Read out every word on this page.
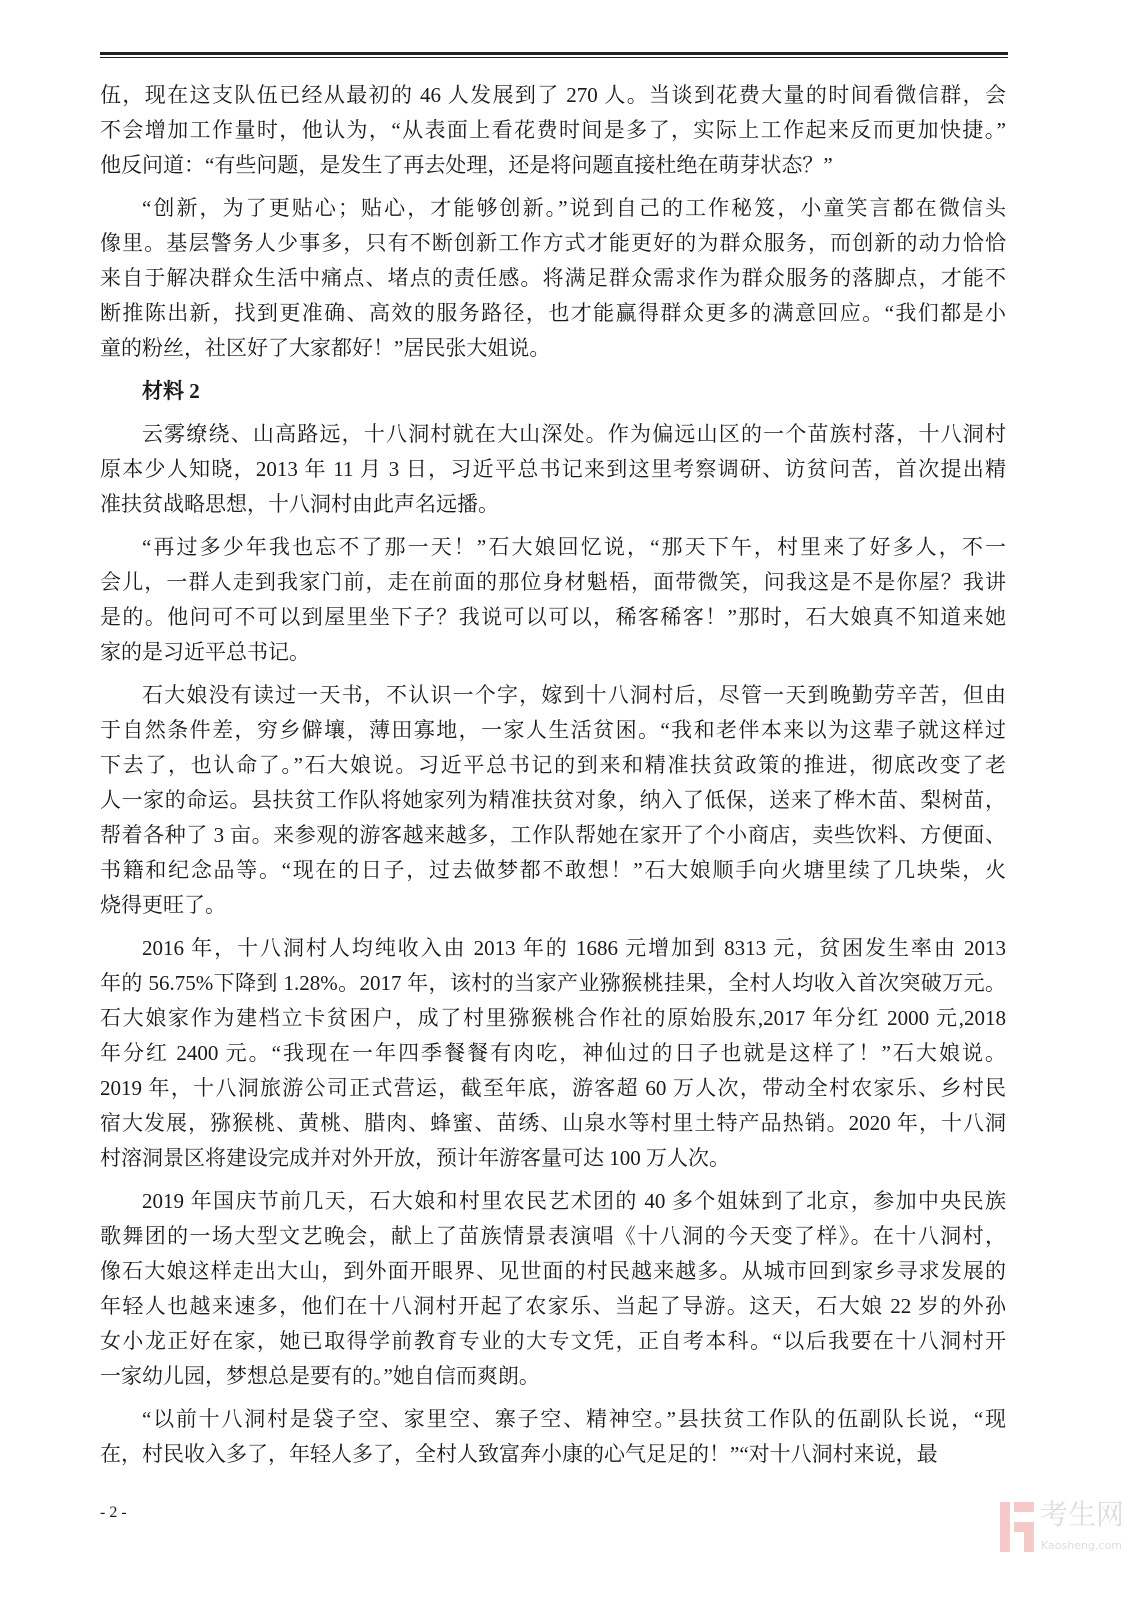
伍，现在这支队伍已经从最初的 46 人发展到了 270 人。当谈到花费大量的时间看微信群，会
不会增加工作量时，他认为，“从表面上看花费时间是多了，实际上工作起来反而更加快捷。”
他反问道：“有些问题，是发生了再去处理，还是将问题直接杜绝在萌芽状态？”
“创新，为了更贴心；贴心，才能够创新。”说到自己的工作秘笈，小童笑言都在微信头
像里。基层警务人少事多，只有不断创新工作方式才能更好的为群众服务，而创新的动力恰恰
来自于解决群众生活中痛点、堵点的责任感。将满足群众需求作为群众服务的落脚点，才能不
断推陈出新，找到更准确、高效的服务路径，也才能赢得群众更多的满意回应。“我们都是小
童的粉丝，社区好了大家都好！”居民张大姐说。
材料 2
云雾缭绕、山高路远，十八洞村就在大山深处。作为偏远山区的一个苗族村落，十八洞村
原本少人知晓，2013 年 11 月 3 日，习近平总书记来到这里考察调研、访贫问苦，首次提出精
准扶贫战略思想，十八洞村由此声名远播。
“再过多少年我也忘不了那一天！”石大娘回忆说，“那天下午，村里来了好多人，不一
会儿，一群人走到我家门前，走在前面的那位身材魁梧，面带微笑，问我这是不是你屋？我讲
是的。他问可不可以到屋里坐下子？我说可以可以，稀客稀客！”那时，石大娘真不知道来她
家的是习近平总书记。
石大娘没有读过一天书，不认识一个字，嫁到十八洞村后，尽管一天到晚勤劳辛苦，但由
于自然条件差，穷乡僻壤，薄田寡地，一家人生活贫困。“我和老伴本来以为这辈子就这样过
下去了，也认命了。”石大娘说。习近平总书记的到来和精准扶贫政策的推进，彻底改变了老
人一家的命运。县扶贫工作队将她家列为精准扶贫对象，纳入了低保，送来了桦木苗、梨树苗，
帮着各种了 3 亩。来参观的游客越来越多，工作队帮她在家开了个小商店，卖些饮料、方便面、
书籍和纪念品等。“现在的日子，过去做梦都不敢想！”石大娘顺手向火塘里续了几块柴，火
烧得更旺了。
2016 年，十八洞村人均纯收入由 2013 年的 1686 元增加到 8313 元，贫困发生率由 2013
年的 56.75%下降到 1.28%。2017 年，该村的当家产业猕猴桃挂果，全村人均收入首次突破万元。
石大娘家作为建档立卡贫困户，成了村里猕猴桃合作社的原始股东,2017 年分红 2000 元,2018
年分红 2400 元。“我现在一年四季餐餐有肉吃，神仙过的日子也就是这样了！”石大娘说。
2019 年，十八洞旅游公司正式营运，截至年底，游客超 60 万人次，带动全村农家乐、乡村民
宿大发展，猕猴桃、黄桃、腊肉、蜂蜜、苗绣、山泉水等村里土特产品热销。2020 年，十八洞
村溶洞景区将建设完成并对外开放，预计年游客量可达 100 万人次。
2019 年国庆节前几天，石大娘和村里农民艺术团的 40 多个姐妹到了北京，参加中央民族
歌舞团的一场大型文艺晚会，献上了苗族情景表演唱《十八洞的今天变了样》。在十八洞村，
像石大娘这样走出大山，到外面开眼界、见世面的村民越来越多。从城市回到家乡寻求发展的
年轻人也越来速多，他们在十八洞村开起了农家乐、当起了导游。这天，石大娘 22 岁的外孙
女小龙正好在家，她已取得学前教育专业的大专文凭，正自考本科。“以后我要在十八洞村开
一家幼儿园，梦想总是要有的。”她自信而爽朗。
“以前十八洞村是袋子空、家里空、寨子空、精神空。”县扶贫工作队的伍副队长说，“现
在，村民收入多了，年轻人多了，全村人致富奔小康的心气足足的！”“对十八洞村来说，最
- 2 -	考生网
Kaosheng.com
